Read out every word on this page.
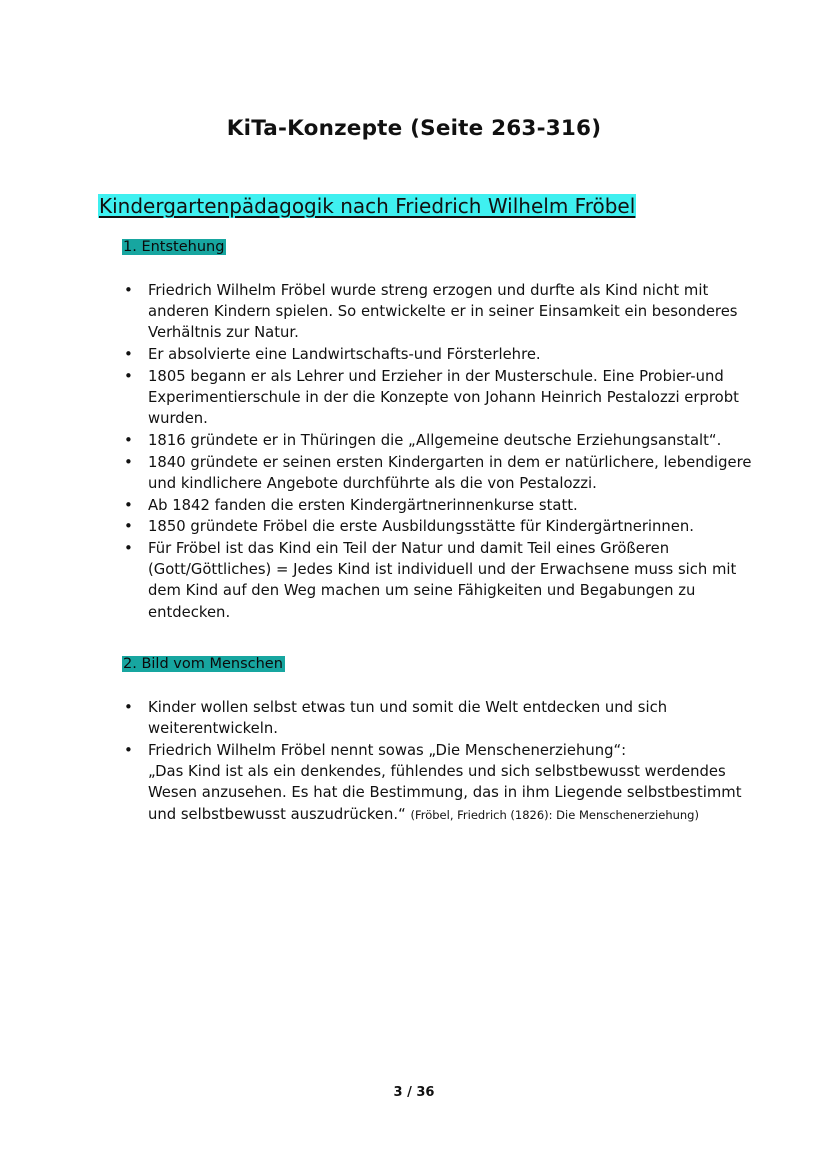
KiTa-Konzepte (Seite 263-316)
Kindergartenpädagogik nach Friedrich Wilhelm Fröbel
1. Entstehung
• Friedrich Wilhelm Fröbel wurde streng erzogen und durfte als Kind nicht mit anderen Kindern spielen. So entwickelte er in seiner Einsamkeit ein besonderes Verhältnis zur Natur.
• Er absolvierte eine Landwirtschafts-und Försterlehre.
• 1805 begann er als Lehrer und Erzieher in der Musterschule. Eine Probier-und Experimentierschule in der die Konzepte von Johann Heinrich Pestalozzi erprobt wurden.
• 1816 gründete er in Thüringen die „Allgemeine deutsche Erziehungsanstalt“.
• 1840 gründete er seinen ersten Kindergarten in dem er natürlichere, lebendigere und kindlichere Angebote durchführte als die von Pestalozzi.
• Ab 1842 fanden die ersten Kindergärtnerinnenkurse statt.
• 1850 gründete Fröbel die erste Ausbildungsstätte für Kindergärtnerinnen.
• Für Fröbel ist das Kind ein Teil der Natur und damit Teil eines Größeren (Gott/Göttliches) = Jedes Kind ist individuell und der Erwachsene muss sich mit dem Kind auf den Weg machen um seine Fähigkeiten und Begabungen zu entdecken.
2. Bild vom Menschen
• Kinder wollen selbst etwas tun und somit die Welt entdecken und sich weiterentwickeln.
• Friedrich Wilhelm Fröbel nennt sowas „Die Menschenerziehung“:
„Das Kind ist als ein denkendes, fühlendes und sich selbstbewusst werdendes Wesen anzusehen. Es hat die Bestimmung, das in ihm Liegende selbstbestimmt und selbstbewusst auszudrücken.“ (Fröbel, Friedrich (1826): Die Menschenerziehung)
3 / 36
